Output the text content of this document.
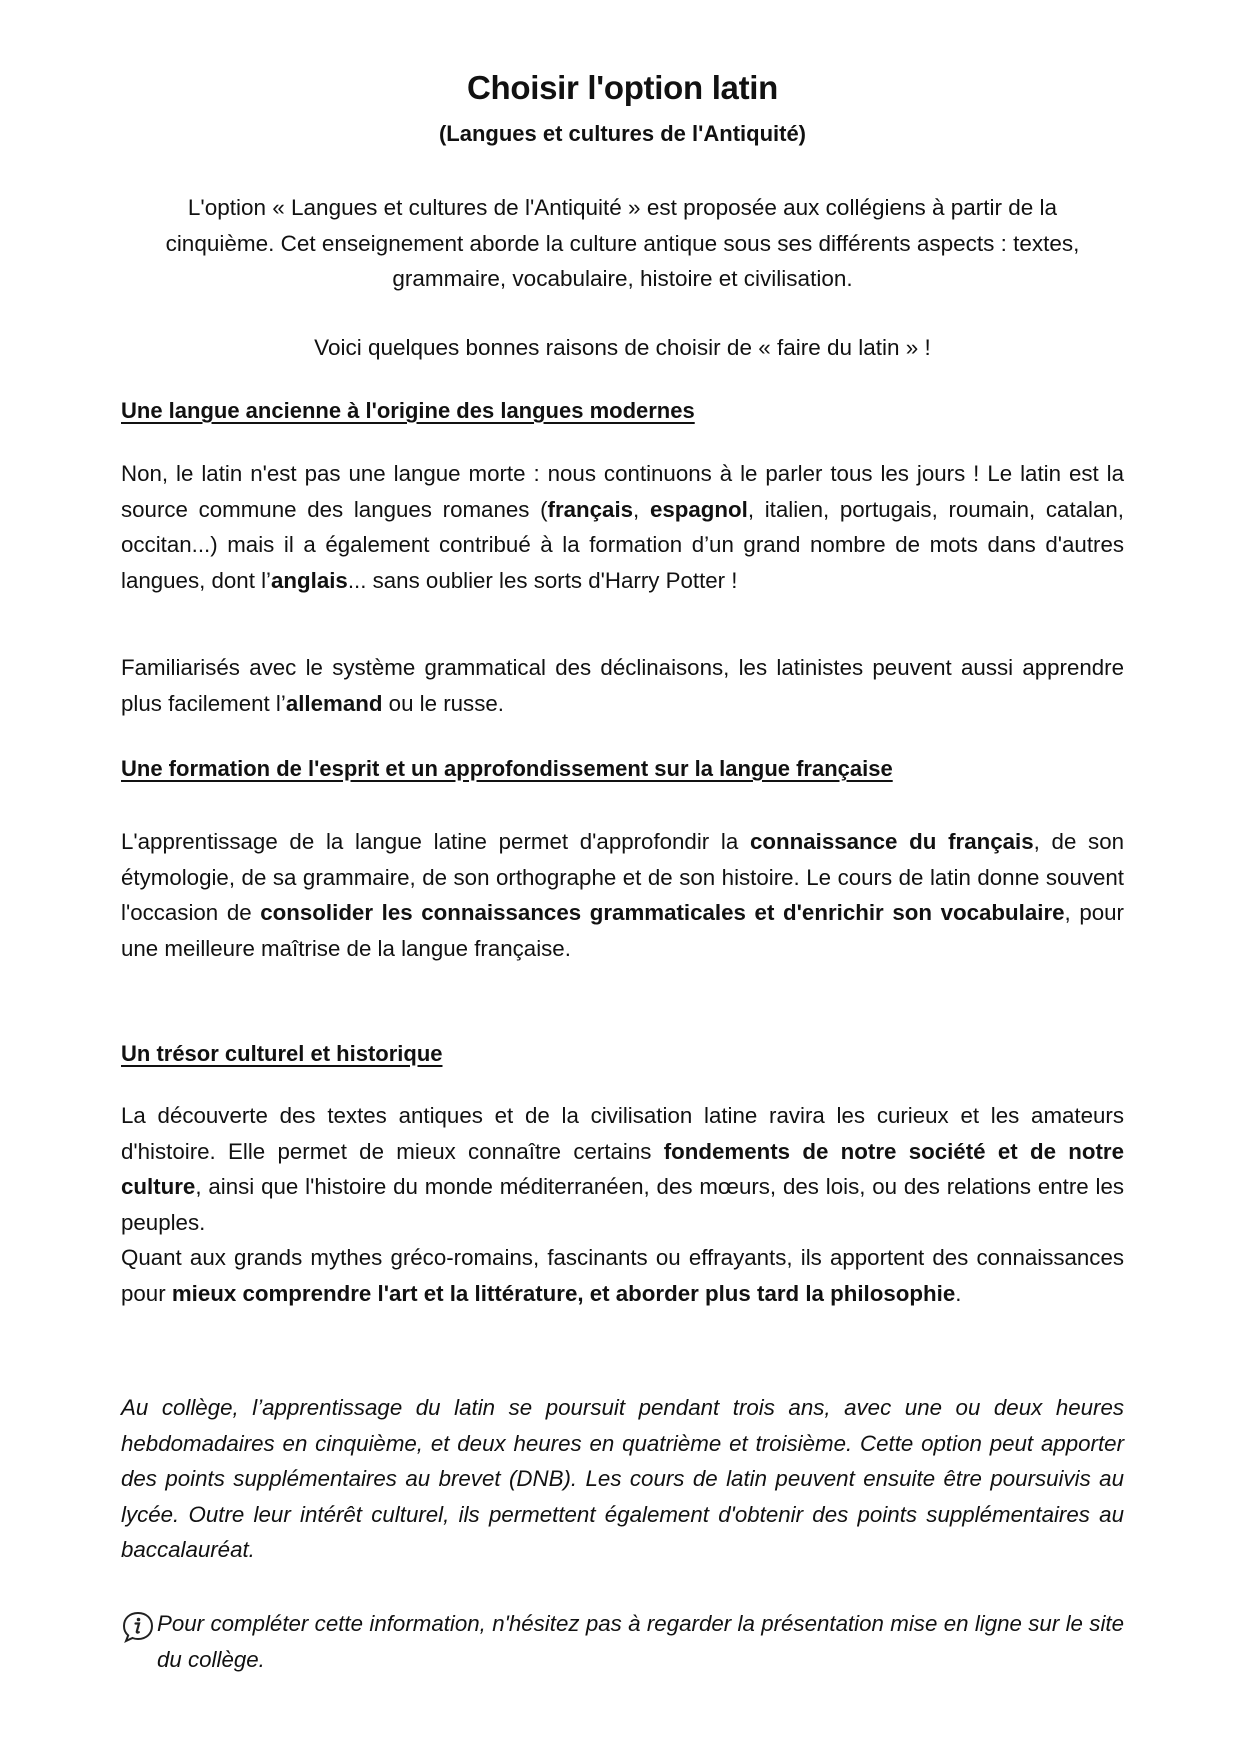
Choisir l'option latin
(Langues et cultures de l'Antiquité)

L'option « Langues et cultures de l'Antiquité » est proposée aux collégiens à partir de la cinquième. Cet enseignement aborde la culture antique sous ses différents aspects : textes, grammaire, vocabulaire, histoire et civilisation.

Voici quelques bonnes raisons de choisir de « faire du latin » !
Une langue ancienne à l'origine des langues modernes

Non, le latin n'est pas une langue morte : nous continuons à le parler tous les jours ! Le latin est la source commune des langues romanes (français, espagnol, italien, portugais, roumain, catalan, occitan...) mais il a également contribué à la formation d’un grand nombre de mots dans d'autres langues, dont l’anglais... sans oublier les sorts d'Harry Potter !

Familiarisés avec le système grammatical des déclinaisons, les latinistes peuvent aussi apprendre plus facilement l’allemand ou le russe.

Une formation de l'esprit et un approfondissement sur la langue française

L'apprentissage de la langue latine permet d'approfondir la connaissance du français, de son étymologie, de sa grammaire, de son orthographe et de son histoire. Le cours de latin donne souvent l'occasion de consolider les connaissances grammaticales et d'enrichir son vocabulaire, pour une meilleure maîtrise de la langue française.

Un trésor culturel et historique

La découverte des textes antiques et de la civilisation latine ravira les curieux et les amateurs d'histoire. Elle permet de mieux connaître certains fondements de notre société et de notre culture, ainsi que l'histoire du monde méditerranéen, des mœurs, des lois, ou des relations entre les peuples.

Quant aux grands mythes gréco-romains, fascinants ou effrayants, ils apportent des connaissances pour mieux comprendre l'art et la littérature, et aborder plus tard la philosophie.

Au collège, l’apprentissage du latin se poursuit pendant trois ans, avec une ou deux heures hebdomadaires en cinquième, et deux heures en quatrième et troisième. Cette option peut apporter des points supplémentaires au brevet (DNB). Les cours de latin peuvent ensuite être poursuivis au lycée. Outre leur intérêt culturel, ils permettent également d'obtenir des points supplémentaires au baccalauréat.

Pour compléter cette information, n'hésitez pas à regarder la présentation mise en ligne sur le site du collège.
